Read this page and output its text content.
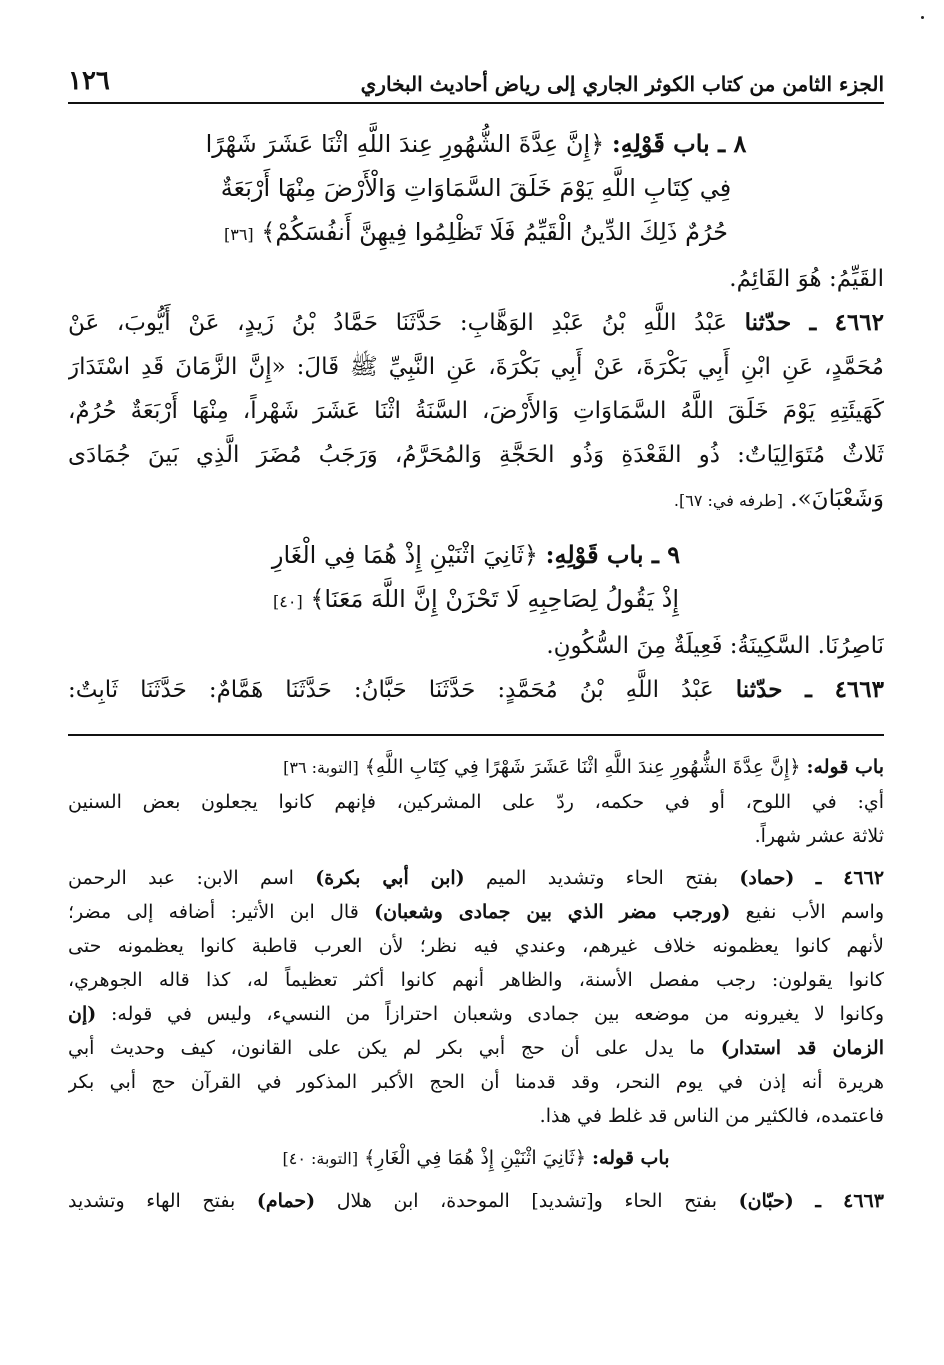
الجزء الثامن من كتاب الكوثر الجاري إلى رياض أحاديث البخاري
١٢٦
٨ ـ باب قَوْلِهِ: ﴿إِنَّ عِدَّةَ الشُّهُورِ عِندَ اللَّهِ اثْنَا عَشَرَ شَهْرًا
فِي كِتَابِ اللَّهِ يَوْمَ خَلَقَ السَّمَاوَاتِ وَالْأَرْضَ مِنْهَا أَرْبَعَةٌ
حُرُمٌ ذَلِكَ الدِّينُ الْقَيِّمُ فَلَا تَظْلِمُوا فِيهِنَّ أَنفُسَكُمْ﴾ [٣٦]
القَيِّمُ: هُوَ القَائِمُ.
٤٦٦٢ ـ حدّثنا عَبْدُ اللَّهِ بْنُ عَبْدِ الوَهَّابِ: حَدَّثَنَا حَمَّادُ بْنُ زَيدٍ، عَنْ أَيُّوبَ، عَنْ
مُحَمَّدٍ، عَنِ ابْنِ أَبِي بَكْرَةَ، عَنْ أَبِي بَكْرَةَ، عَنِ النَّبِيِّ ﷺ قَالَ: «إِنَّ الزَّمَانَ قَدِ اسْتَدَارَ
كَهَيئَتِهِ يَوْمَ خَلَقَ اللَّهُ السَّمَاوَاتِ وَالأَرْضَ، السَّنَةُ اثْنَا عَشَرَ شَهْراً، مِنْهَا أَرْبَعَةٌ حُرُمٌ،
ثَلاثٌ مُتَوَالِيَاتٌ: ذُو القَعْدَةِ وَذُو الحَجَّةِ وَالمُحَرَّمُ، وَرَجَبُ مُضَرَ الَّذِي بَينَ جُمَادَى
وَشَعْبَانَ». [طرفه في: ٦٧].
٩ ـ باب قَوْلِهِ: ﴿ثَانِيَ اثْنَيْنِ إِذْ هُمَا فِي الْغَارِ
إِذْ يَقُولُ لِصَاحِبِهِ لَا تَحْزَنْ إِنَّ اللَّهَ مَعَنَا﴾ [٤٠]
نَاصِرُنَا. السَّكِينَةُ: فَعِيلَةٌ مِنَ السُّكُونِ.
٤٦٦٣ ـ حدّثنا عَبْدُ اللَّهِ بْنُ مُحَمَّدٍ: حَدَّثَنَا حَبَّانُ: حَدَّثَنَا هَمَّامٌ: حَدَّثَنَا ثَابِتٌ:
باب قوله: ﴿إِنَّ عِدَّةَ الشُّهُورِ عِندَ اللَّهِ اثْنَا عَشَرَ شَهْرًا فِي كِتَابِ اللَّهِ﴾ [التوبة: ٣٦]
أي: في اللوح، أو في حكمه، ردّ على المشركين، فإنهم كانوا يجعلون بعض السنين
ثلاثة عشر شهراً.
٤٦٦٢ ـ (حماد) بفتح الحاء وتشديد الميم (ابن أبي بكرة) اسم الابن: عبد الرحمن
واسم الأب نفيع (ورجب مضر الذي بين جمادى وشعبان) قال ابن الأثير: أضافه إلى مضر؛
لأنهم كانوا يعظمونه خلاف غيرهم، وعندي فيه نظر؛ لأن العرب قاطبة كانوا يعظمونه حتى
كانوا يقولون: رجب مفصل الأسنة، والظاهر أنهم كانوا أكثر تعظيماً له، كذا قاله الجوهري،
وكانوا لا يغيرونه من موضعه بين جمادى وشعبان احترازاً من النسيء، وليس في قوله: (إن
الزمان قد استدار) ما يدل على أن حج أبي بكر لم يكن على القانون، كيف وحديث أبي
هريرة أنه إذن في يوم النحر، وقد قدمنا أن الحج الأكبر المذكور في القرآن حج أبي بكر
فاعتمده، فالكثير من الناس قد غلط في هذا.
باب قوله: ﴿ثَانِيَ اثْنَيْنِ إِذْ هُمَا فِي الْغَارِ﴾ [التوبة: ٤٠]
٤٦٦٣ ـ (حبّان) بفتح الحاء و[تشديد] الموحدة، ابن هلال (حمام) بفتح الهاء وتشديد
